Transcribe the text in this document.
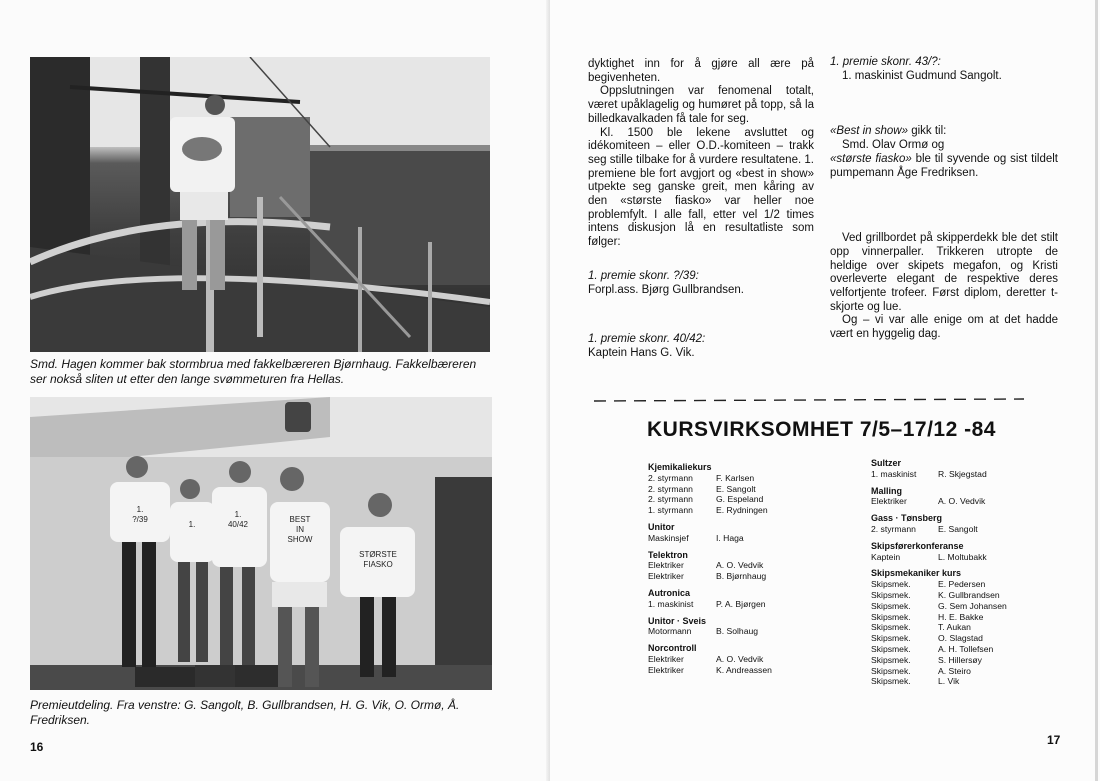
Smd. Hagen kommer bak stormbrua med fakkelbæreren Bjørnhaug. Fakkelbæreren ser nokså sliten ut etter den lange svømmeturen fra Hellas.
1.
?/39
1.
1.
40/42
BEST
IN
SHOW
STØRSTE
FIASKO
Premieutdeling. Fra venstre: G. Sangolt, B. Gullbrandsen, H. G. Vik, O. Ormø, Å. Fredriksen.
16

dyktighet inn for å gjøre all ære på begivenheten.

Oppslutningen var fenomenal totalt, været upåklagelig og humøret på topp, så la billedkavalkaden få tale for seg.

Kl. 1500 ble lekene avsluttet og idékomiteen – eller O.D.-komiteen – trakk seg stille tilbake for å vurdere resultatene. 1. premiene ble fort avgjort og «best in show» utpekte seg ganske greit, men kåring av den «største fiasko» var heller noe problemfylt. I alle fall, etter vel 1/2 times intens diskusjon lå en resultatliste som følger:

1. premie skonr. ?/39:

Forpl.ass. Bjørg Gullbrandsen.

1. premie skonr. 40/42:

Kaptein Hans G. Vik.

1. premie skonr. 43/?:

1. maskinist Gudmund Sangolt.

«Best in show» gikk til:

Smd. Olav Ormø og

«største fiasko» ble til syvende og sist tildelt pumpemann Åge Fredriksen.

Ved grillbordet på skipperdekk ble det stilt opp vinnerpaller. Trikkeren utropte de heldige over skipets megafon, og Kristi overleverte elegant de respektive deres velfortjente trofeer. Først diplom, deretter t-skjorte og lue.

Og – vi var alle enige om at det hadde vært en hyggelig dag.

KURSVIRKSOMHET 7/5–17/12 -84
Kjemikaliekurs
2. styrmann	F. Karlsen
2. styrmann	E. Sangolt
2. styrmann	G. Espeland
1. styrmann	E. Rydningen
Unitor
Maskinsjef	I. Haga
Telektron
Elektriker	A. O. Vedvik
Elektriker	B. Bjørnhaug
Autronica
1. maskinist	P. A. Bjørgen
Unitor · Sveis
Motormann	B. Solhaug
Norcontroll
Elektriker	A. O. Vedvik
Elektriker	K. Andreassen
Sultzer
1. maskinist	R. Skjegstad
Malling
Elektriker	A. O. Vedvik
Gass · Tønsberg
2. styrmann	E. Sangolt
Skipsførerkonferanse
Kaptein	L. Moltubakk
Skipsmekaniker kurs
Skipsmek.	E. Pedersen
Skipsmek.	K. Gullbrandsen
Skipsmek.	G. Sem Johansen
Skipsmek.	H. E. Bakke
Skipsmek.	T. Aukan
Skipsmek.	O. Slagstad
Skipsmek.	A. H. Tollefsen
Skipsmek.	S. Hillersøy
Skipsmek.	A. Steiro
Skipsmek.	L. Vik
17
